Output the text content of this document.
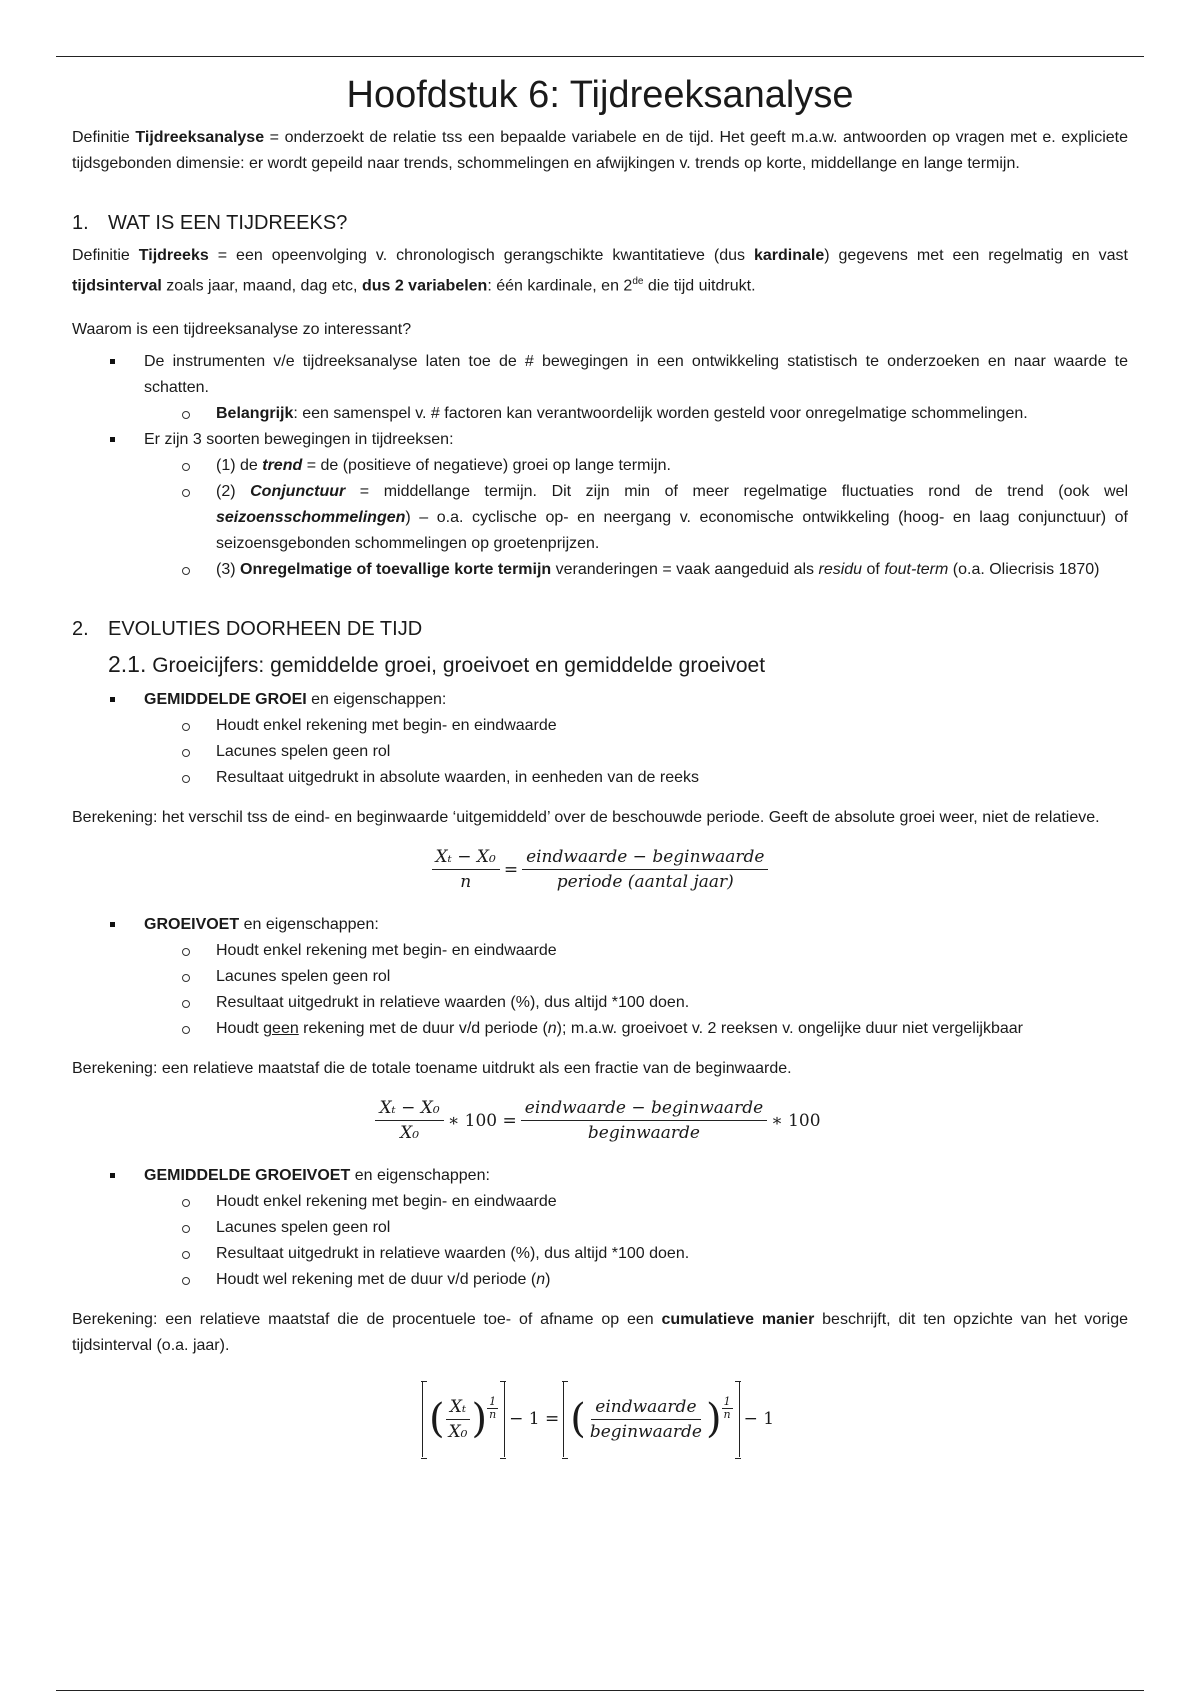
Hoofdstuk 6: Tijdreeksanalyse

Definitie Tijdreeksanalyse = onderzoekt de relatie tss een bepaalde variabele en de tijd. Het geeft m.a.w. antwoorden op vragen met e. expliciete tijdsgebonden dimensie: er wordt gepeild naar trends, schommelingen en afwijkingen v. trends op korte, middellange en lange termijn.

1. WAT IS EEN TIJDREEKS?

Definitie Tijdreeks = een opeenvolging v. chronologisch gerangschikte kwantitatieve (dus kardinale) gegevens met een regelmatig en vast tijdsinterval zoals jaar, maand, dag etc, dus 2 variabelen: één kardinale, en 2de die tijd uitdrukt.

Waarom is een tijdreeksanalyse zo interessant?

De instrumenten v/e tijdreeksanalyse laten toe de # bewegingen in een ontwikkeling statistisch te onderzoeken en naar waarde te schatten.
Belangrijk: een samenspel v. # factoren kan verantwoordelijk worden gesteld voor onregelmatige schommelingen.
Er zijn 3 soorten bewegingen in tijdreeksen:
(1) de trend = de (positieve of negatieve) groei op lange termijn.
(2) Conjunctuur = middellange termijn. Dit zijn min of meer regelmatige fluctuaties rond de trend (ook wel seizoensschommelingen) – o.a. cyclische op- en neergang v. economische ontwikkeling (hoog- en laag conjunctuur) of seizoensgebonden schommelingen op groetenprijzen.
(3) Onregelmatige of toevallige korte termijn veranderingen = vaak aangeduid als residu of fout-term (o.a. Oliecrisis 1870)
2. EVOLUTIES DOORHEEN DE TIJD
2.1. Groeicijfers: gemiddelde groei, groeivoet en gemiddelde groeivoet
GEMIDDELDE GROEI en eigenschappen:
Houdt enkel rekening met begin- en eindwaarde
Lacunes spelen geen rol
Resultaat uitgedrukt in absolute waarden, in eenheden van de reeks

Berekening: het verschil tss de eind- en beginwaarde ‘uitgemiddeld’ over de beschouwde periode. Geeft de absolute groei weer, niet de relatieve.

$\frac{\text{Xₜ − X₀}}{n} = \frac{\text{eindwaarde − beginwaarde}}{\text{periode (aantal jaar)}}$
GROEIVOET en eigenschappen:
Houdt enkel rekening met begin- en eindwaarde
Lacunes spelen geen rol
Resultaat uitgedrukt in relatieve waarden (%), dus altijd *100 doen.
Houdt geen rekening met de duur v/d periode (n); m.a.w. groeivoet v. 2 reeksen v. ongelijke duur niet vergelijkbaar

Berekening: een relatieve maatstaf die de totale toename uitdrukt als een fractie van de beginwaarde.

$\frac{\text{Xₜ − X₀}}{\text{X₀}}$ ∗ $100 = \frac{\text{eindwaarde − beginwaarde}}{\text{beginwaarde}}$ ∗ 100
GEMIDDELDE GROEIVOET en eigenschappen:
Houdt enkel rekening met begin- en eindwaarde
Lacunes spelen geen rol
Resultaat uitgedrukt in relatieve waarden (%), dus altijd *100 doen.
Houdt wel rekening met de duur v/d periode (n)

Berekening: een relatieve maatstaf die de procentuele toe- of afname op een cumulatieve manier beschrijft, dit ten opzichte van het vorige tijdsinterval (o.a. jaar).

( $\frac{\text{Xₜ}}{\text{X₀}}$ ) $\frac{1}{n} - 1$ = ( $\frac{\text{eindwaarde}}{\text{beginwaarde}}$ ) $\frac{1}{n} - 1$
